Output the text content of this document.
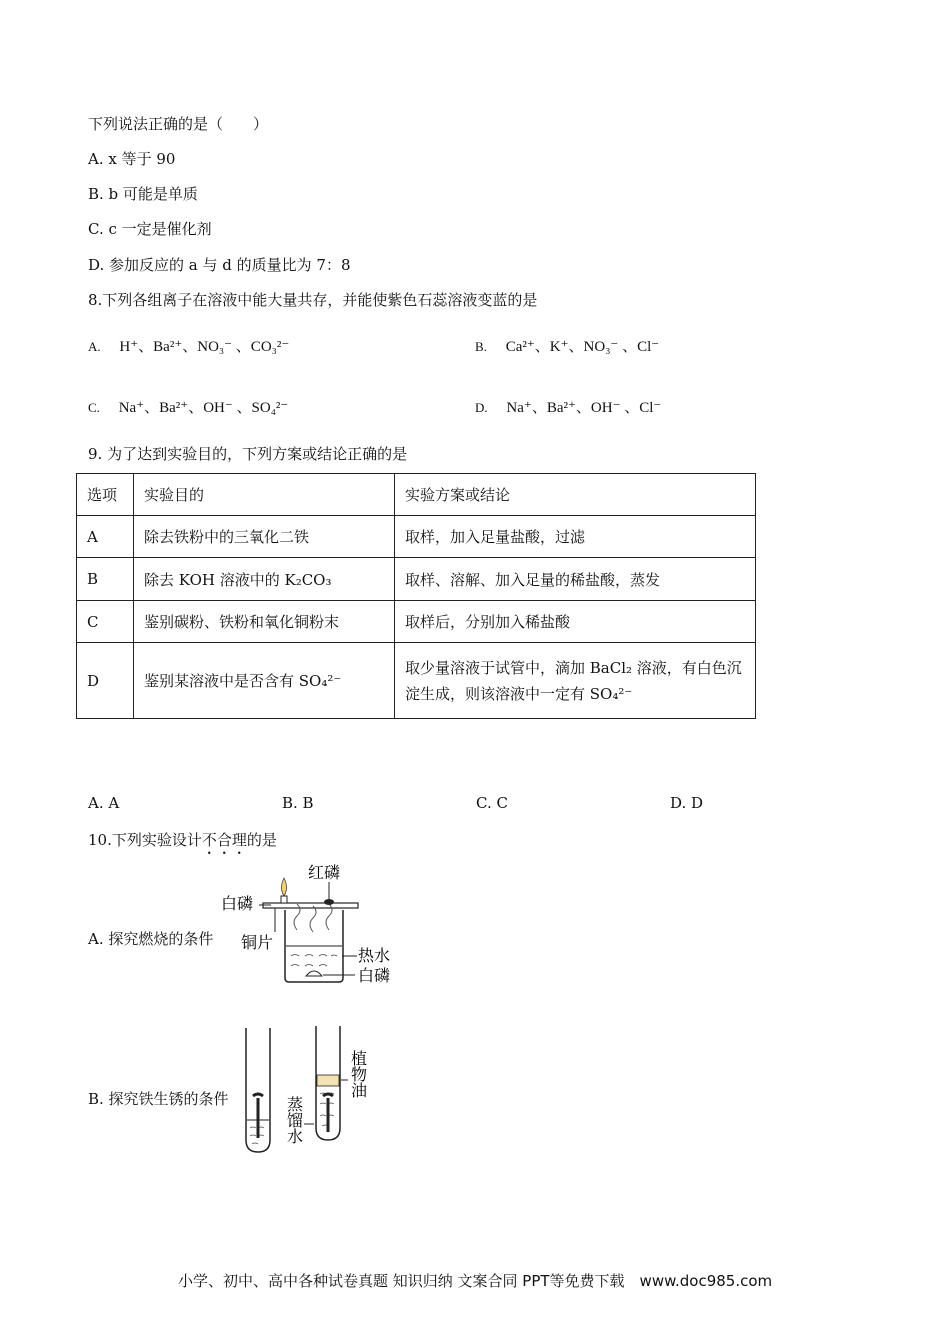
下列说法正确的是（　　）
A. x 等于 90
B. b 可能是单质
C. c 一定是催化剂
D. 参加反应的 a 与 d 的质量比为 7：8
8.下列各组离子在溶液中能大量共存，并能使紫色石蕊溶液变蓝的是
A. H⁺、Ba²⁺、NO₃⁻ 、CO₃²⁻	B. Ca²⁺、K⁺、NO₃⁻ 、Cl⁻
C. Na⁺、Ba²⁺、OH⁻ 、SO₄²⁻	D. Na⁺、Ba²⁺、OH⁻ 、Cl⁻
9. 为了达到实验目的，下列方案或结论正确的是
选项	实验目的	实验方案或结论
A	除去铁粉中的三氧化二铁	取样，加入足量盐酸，过滤
B	除去 KOH 溶液中的 K₂CO₃	取样、溶解、加入足量的稀盐酸，蒸发
C	鉴别碳粉、铁粉和氧化铜粉末	取样后，分别加入稀盐酸
D	鉴别某溶液中是否含有 SO₄²⁻	取少量溶液于试管中，滴加 BaCl₂ 溶液，有白色沉淀生成，则该溶液中一定有 SO₄²⁻
A. A	B. B	C. C	D. D
10.下列实验设计不合理的是
A. 探究燃烧的条件
红磷
白磷
铜片
热水
白磷
B. 探究铁生锈的条件	蒸馏水
植物油
小学、初中、高中各种试卷真题 知识归纳 文案合同 PPT等免费下载　www.doc985.com
